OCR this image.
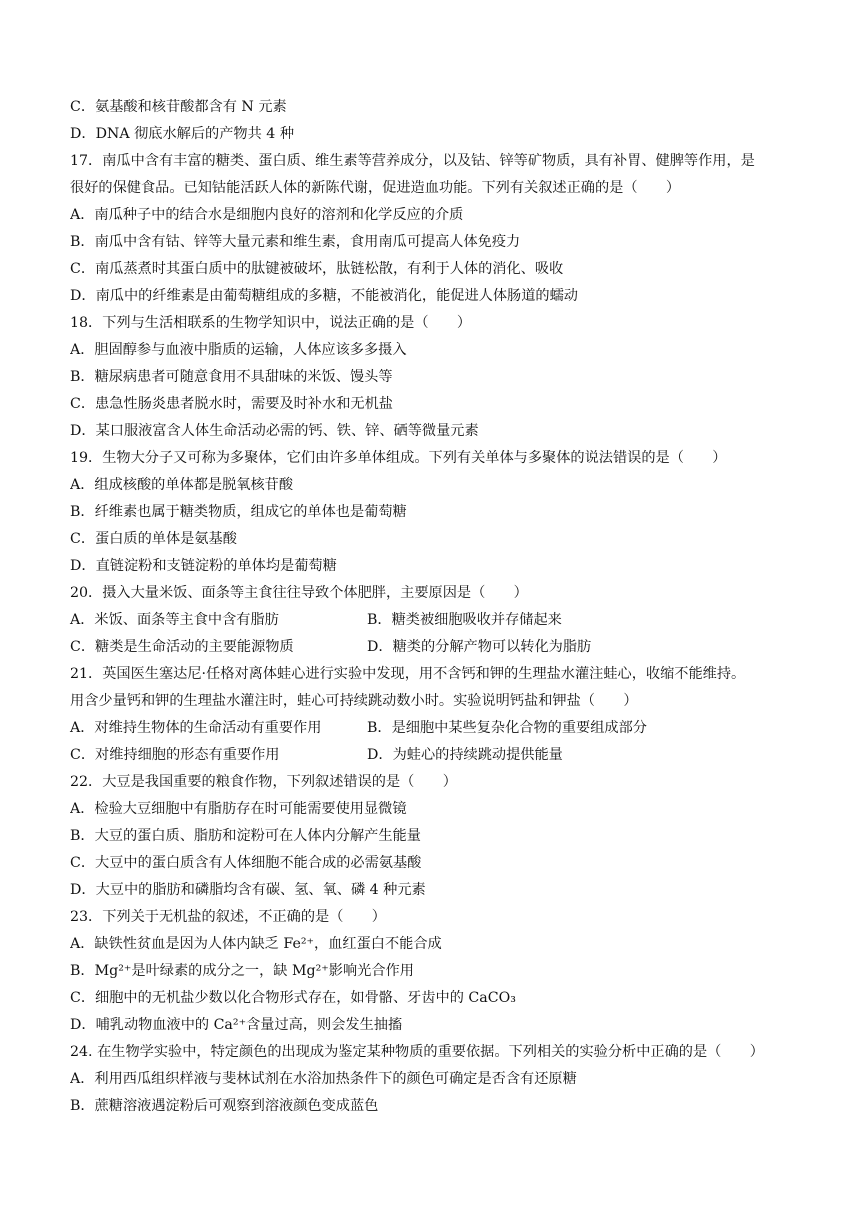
C．氨基酸和核苷酸都含有 N 元素
D．DNA 彻底水解后的产物共 4 种
17．南瓜中含有丰富的糖类、蛋白质、维生素等营养成分，以及钴、锌等矿物质，具有补胃、健脾等作用，是
很好的保健食品。已知钴能活跃人体的新陈代谢，促进造血功能。下列有关叙述正确的是（　　）
A．南瓜种子中的结合水是细胞内良好的溶剂和化学反应的介质
B．南瓜中含有钴、锌等大量元素和维生素，食用南瓜可提高人体免疫力
C．南瓜蒸煮时其蛋白质中的肽键被破坏，肽链松散，有利于人体的消化、吸收
D．南瓜中的纤维素是由葡萄糖组成的多糖，不能被消化，能促进人体肠道的蠕动
18．下列与生活相联系的生物学知识中，说法正确的是（　　）
A．胆固醇参与血液中脂质的运输，人体应该多多摄入
B．糖尿病患者可随意食用不具甜味的米饭、馒头等
C．患急性肠炎患者脱水时，需要及时补水和无机盐
D．某口服液富含人体生命活动必需的钙、铁、锌、硒等微量元素
19．生物大分子又可称为多聚体，它们由许多单体组成。下列有关单体与多聚体的说法错误的是（　　）
A．组成核酸的单体都是脱氧核苷酸
B．纤维素也属于糖类物质，组成它的单体也是葡萄糖
C．蛋白质的单体是氨基酸
D．直链淀粉和支链淀粉的单体均是葡萄糖
20．摄入大量米饭、面条等主食往往导致个体肥胖，主要原因是（　　）
A．米饭、面条等主食中含有脂肪	B．糖类被细胞吸收并存储起来
C．糖类是生命活动的主要能源物质	D．糖类的分解产物可以转化为脂肪
21．英国医生塞达尼·任格对离体蛙心进行实验中发现，用不含钙和钾的生理盐水灌注蛙心，收缩不能维持。
用含少量钙和钾的生理盐水灌注时，蛙心可持续跳动数小时。实验说明钙盐和钾盐（　　）
A．对维持生物体的生命活动有重要作用	B．是细胞中某些复杂化合物的重要组成部分
C．对维持细胞的形态有重要作用	D．为蛙心的持续跳动提供能量
22．大豆是我国重要的粮食作物，下列叙述错误的是（　　）
A．检验大豆细胞中有脂肪存在时可能需要使用显微镜
B．大豆的蛋白质、脂肪和淀粉可在人体内分解产生能量
C．大豆中的蛋白质含有人体细胞不能合成的必需氨基酸
D．大豆中的脂肪和磷脂均含有碳、氢、氧、磷 4 种元素
23．下列关于无机盐的叙述，不正确的是（　　）
A．缺铁性贫血是因为人体内缺乏 Fe²⁺，血红蛋白不能合成
B．Mg²⁺是叶绿素的成分之一，缺 Mg²⁺影响光合作用
C．细胞中的无机盐少数以化合物形式存在，如骨骼、牙齿中的 CaCO₃
D．哺乳动物血液中的 Ca²⁺含量过高，则会发生抽搐
24. 在生物学实验中，特定颜色的出现成为鉴定某种物质的重要依据。下列相关的实验分析中正确的是（　　）
A．利用西瓜组织样液与斐林试剂在水浴加热条件下的颜色可确定是否含有还原糖
B．蔗糖溶液遇淀粉后可观察到溶液颜色变成蓝色
